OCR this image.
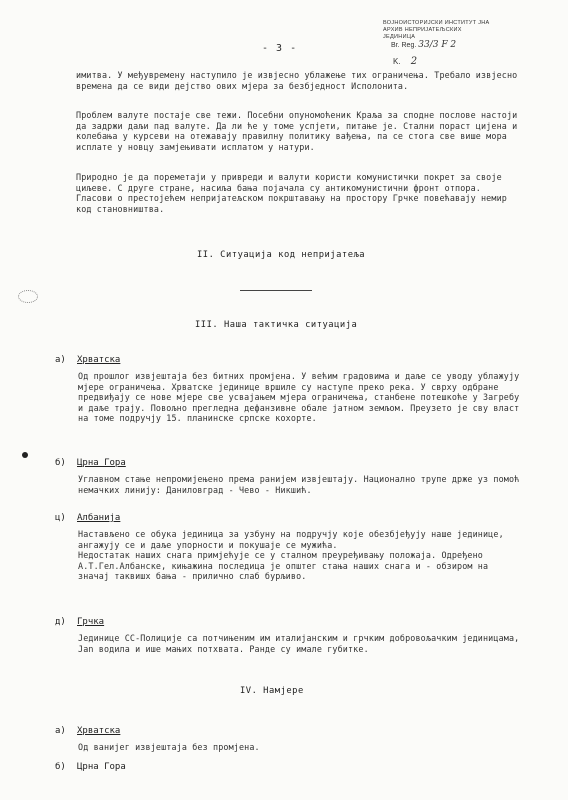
ВОЈНОИСТОРИЈСКИ ИНСТИТУТ ЈНА
АРХИВ НЕПРИЈАТЕЉСКИХ ЈЕДИНИЦА
Br. Reg. 33/3 F 2
K. 2
- 3 -

имитва. У међувремену наступило је извјесно ублажење тих ограничења. Требало извјесно времена да се види дејство ових мјера за безбједност Исполонита.

Проблем валуте постаје све тежи. Посебни опуномоћеник Краља за сподне послове настоји да задржи даљи пад валуте. Да ли ће у томе успјети, питање је. Стални пораст цијена и колебања у курсеви на отежавају правилну политику вађења, па се стога све више мора исплате у новцу замјењивати исплатом у натури.

Природно је да пореметаји у привреди и валути користи комунистички покрет за своје циљеве. С друге стране, насиља бања појачала су антикомунистични фронт отпора. Гласови о престојећем непријатељском покрштавању на простору Грчке повећавају немир код становништва.

II. Ситуација код непријатеља
III. Наша тактичка ситуација
а) Хрватска

Од прошлог извјештаја без битних промјена. У већим градовима и даље се уводу ублажују мјере ограничења. Хрватске јединице вршиле су наступе преко река. У сврху одбране предвиђају се нове мјере све усвајањем мјера ограничења, станбене потешкоће у Загребу и даље трају. Повољно прегледна дефанзивне обале јатном земљом. Преузето је сву власт на томе подручју 15. планинске српске кохорте.

б) Црна Гора

Углавном стање непромијењено према ранијем извјештају. Национално трупе држе уз помоћ немачких линију: Даниловград - Чево - Никшић.

ц) Албанија

Настављено се обука јединица за узбуну на подручју које обезбјеђују наше јединице, ангажују се и даље упорности и покушаје се мужића.
Недостатак наших снага примјећује се у сталном преуређивању положаја. Одређено А.Т.Гел.Албанске, кињажина последица је општег стања наших снага и - обзиром на значај таквишх бања - прилично слаб бурљиво.

д) Грчка

Јединице СС-Полиције са потчињеним им италијанским и грчким добровољачким јединицама, Jan водила и ише мањих потхвата. Ранде су имале губитке.

IV. Намјере
а) Хрватска

Од ванијег извјештаја без промјена.

б) Црна Гора
